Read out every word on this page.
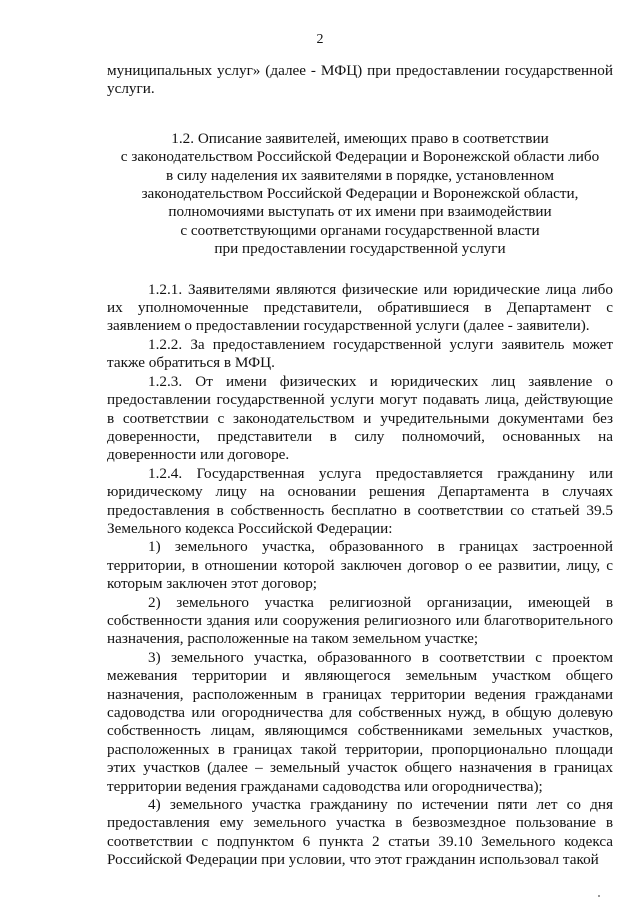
2

муниципальных услуг» (далее - МФЦ) при предоставлении государственной услуги.

1.2. Описание заявителей, имеющих право в соответствии
с законодательством Российской Федерации и Воронежской области либо
в силу наделения их заявителями в порядке, установленном
законодательством Российской Федерации и Воронежской области,
полномочиями выступать от их имени при взаимодействии
с соответствующими органами государственной власти
при предоставлении государственной услуги

1.2.1. Заявителями являются физические или юридические лица либо их уполномоченные представители, обратившиеся в Департамент с заявлением о предоставлении государственной услуги (далее - заявители).

1.2.2. За предоставлением государственной услуги заявитель может также обратиться в МФЦ.

1.2.3. От имени физических и юридических лиц заявление о предоставлении государственной услуги могут подавать лица, действующие в соответствии с законодательством и учредительными документами без доверенности, представители в силу полномочий, основанных на доверенности или договоре.

1.2.4. Государственная услуга предоставляется гражданину или юридическому лицу на основании решения Департамента в случаях предоставления в собственность бесплатно в соответствии со статьей 39.5 Земельного кодекса Российской Федерации:

1) земельного участка, образованного в границах застроенной территории, в отношении которой заключен договор о ее развитии, лицу, с которым заключен этот договор;

2) земельного участка религиозной организации, имеющей в собственности здания или сооружения религиозного или благотворительного назначения, расположенные на таком земельном участке;

3) земельного участка, образованного в соответствии с проектом межевания территории и являющегося земельным участком общего назначения, расположенным в границах территории ведения гражданами садоводства или огородничества для собственных нужд, в общую долевую собственность лицам, являющимся собственниками земельных участков, расположенных в границах такой территории, пропорционально площади этих участков (далее – земельный участок общего назначения в границах территории ведения гражданами садоводства или огородничества);

4) земельного участка гражданину по истечении пяти лет со дня предоставления ему земельного участка в безвозмездное пользование в соответствии с подпунктом 6 пункта 2 статьи 39.10 Земельного кодекса Российской Федерации при условии, что этот гражданин использовал такой
